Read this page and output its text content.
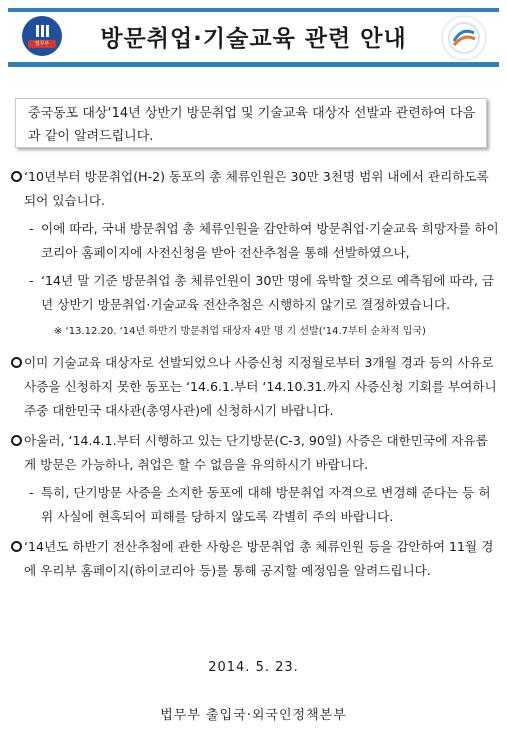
법무부	방문취업·기술교육 관련 안내
중국동포 대상‘14년 상반기 방문취업 및 기술교육 대상자 선발과 관련하여 다음과 같이 알려드립니다.
‘10년부터 방문취업(H-2) 동포의 총 체류인원은 30만 3천명 범위 내에서 관리하도록 되어 있습니다.
- 이에 따라, 국내 방문취업 총 체류인원을 감안하여 방문취업·기술교육 희망자를 하이코리아 홈페이지에 사전신청을 받아 전산추첨을 통해 선발하였으나,
- ‘14년 말 기준 방문취업 총 체류인원이 30만 명에 육박할 것으로 예측됨에 따라, 금년 상반기 방문취업·기술교육 전산추첨은 시행하지 않기로 결정하였습니다.
※ ‘13.12.20. ‘14년 하반기 방문취업 대상자 4만 명 기 선발(‘14.7부터 순차적 입국)
이미 기술교육 대상자로 선발되었으나 사증신청 지정월로부터 3개월 경과 등의 사유로 사증을 신청하지 못한 동포는 ‘14.6.1.부터 ‘14.10.31.까지 사증신청 기회를 부여하니 주중 대한민국 대사관(총영사관)에 신청하시기 바랍니다.
아울러, ‘14.4.1.부터 시행하고 있는 단기방문(C-3, 90일) 사증은 대한민국에 자유롭게 방문은 가능하나, 취업은 할 수 없음을 유의하시기 바랍니다.
- 특히, 단기방문 사증을 소지한 동포에 대해 방문취업 자격으로 변경해 준다는 등 허위 사실에 현혹되어 피해를 당하지 않도록 각별히 주의 바랍니다.
‘14년도 하반기 전산추첨에 관한 사항은 방문취업 총 체류인원 등을 감안하여 11월 경에 우리부 홈페이지(하이코리아 등)를 통해 공지할 예정임을 알려드립니다.
2014. 5. 23.
법무부 출입국·외국인정책본부
